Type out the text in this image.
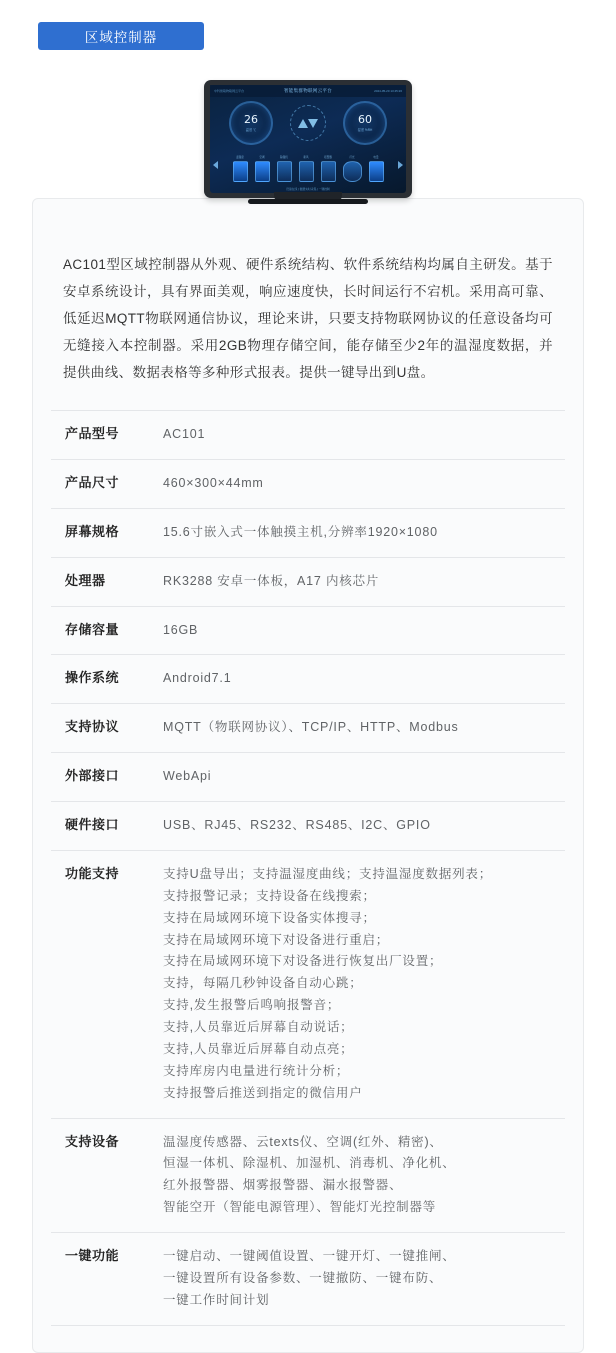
区域控制器
AC101型区域控制器从外观、硬件系统结构、软件系统结构均属自主研发。基于安卓系统设计，具有界面美观，响应速度快，长时间运行不宕机。采用高可靠、低延迟MQTT物联网通信协议，理论来讲，只要支持物联网协议的任意设备均可无缝接入本控制器。采用2GB物理存储空间，能存储至少2年的温湿度数据，并提供曲线、数据表格等多种形式报表。提供一键导出到U盘。
产品型号	AC101
产品尺寸	460×300×44mm
屏幕规格	15.6寸嵌入式一体触摸主机,分辨率1920×1080
处理器	RK3288 安卓一体板，A17 内核芯片
存储容量	16GB
操作系统	Android7.1
支持协议	MQTT（物联网协议）、TCP/IP、HTTP、Modbus
外部接口	WebApi
硬件接口	USB、RJ45、RS232、RS485、I2C、GPIO
功能支持	支持U盘导出；支持温湿度曲线；支持温湿度数据列表；
支持报警记录；支持设备在线搜索；
支持在局域网环境下设备实体搜寻；
支持在局域网环境下对设备进行重启；
支持在局域网环境下对设备进行恢复出厂设置；
支持，每隔几秒钟设备自动心跳；
支持,发生报警后鸣响报警音；
支持,人员靠近后屏幕自动说话；
支持,人员靠近后屏幕自动点亮；
支持库房内电量进行统计分析；
支持报警后推送到指定的微信用户
支持设备	温湿度传感器、云texts仪、空调(红外、精密)、
恒湿一体机、除湿机、加湿机、消毒机、净化机、
红外报警器、烟雾报警器、漏水报警器、
智能空开（智能电源管理）、智能灯光控制器等
一键功能	一键启动、一键阈值设置、一键开灯、一键推闸、
一键设置所有设备参数、一键撤防、一键布防、
一键工作时间计划
智能集群物联网云平台
中科智联物联网云平台	2024-05-20 13:45:26
26
温度 ℃
60
湿度 %RH
温湿度	空调	除湿机	新风	报警器	灯光	电量
设备在线 | 数据实时采集 | 一键控制
